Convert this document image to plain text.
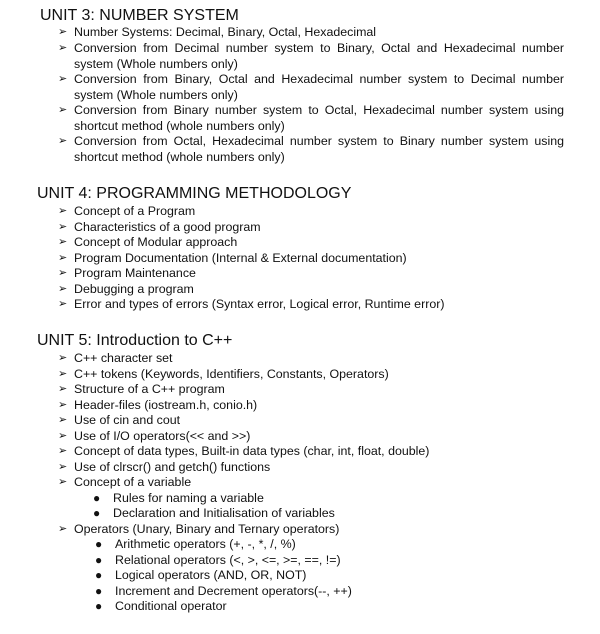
UNIT 3: NUMBER SYSTEM
➢ Number Systems: Decimal, Binary, Octal, Hexadecimal
➢ Conversion from Decimal number system to Binary, Octal and Hexadecimal number system (Whole numbers only)
➢ Conversion from Binary, Octal and Hexadecimal number system to Decimal number system (Whole numbers only)
➢ Conversion from Binary number system to Octal, Hexadecimal number system using shortcut method (whole numbers only)
➢ Conversion from Octal, Hexadecimal number system to Binary number system using shortcut method (whole numbers only)
UNIT 4: PROGRAMMING METHODOLOGY
➢ Concept of a Program
➢ Characteristics of a good program
➢ Concept of Modular approach
➢ Program Documentation (Internal & External documentation)
➢ Program Maintenance
➢ Debugging a program
➢ Error and types of errors (Syntax error, Logical error, Runtime error)
UNIT 5: Introduction to C++
➢ C++ character set
➢ C++ tokens (Keywords, Identifiers, Constants, Operators)
➢ Structure of a C++ program
➢ Header-files (iostream.h, conio.h)
➢ Use of cin and cout
➢ Use of I/O operators(<< and >>)
➢ Concept of data types, Built-in data types (char, int, float, double)
➢ Use of clrscr() and getch() functions
➢ Concept of a variable
● Rules for naming a variable
● Declaration and Initialisation of variables
➢ Operators (Unary, Binary and Ternary operators)
● Arithmetic operators (+, -, *, /, %)
● Relational operators (<, >, <=, >=, ==, !=)
● Logical operators (AND, OR, NOT)
● Increment and Decrement operators(--, ++)
● Conditional operator
